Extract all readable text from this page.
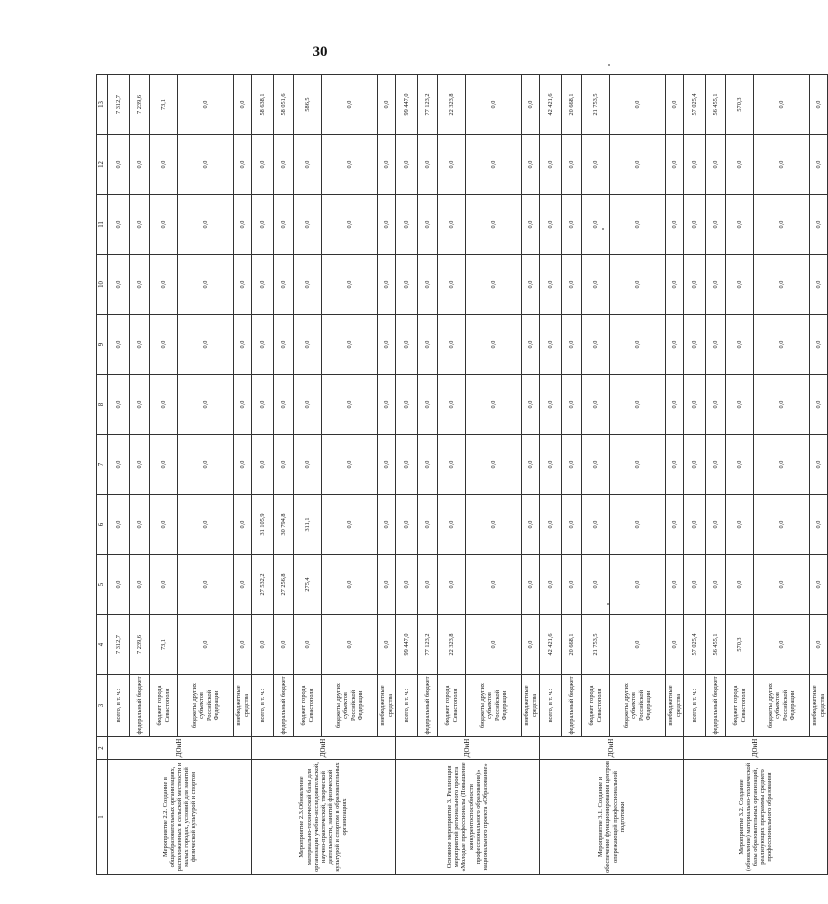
30
1	2	3	4	5	6	7	8	9	10	11	12	13
Мероприятие 2.2. Создание в общеобразовательных организациях, расположенных в сельской местности и малых городах, условий для занятий физической культурой и спортом	ДОиН	всего, в т. ч.:	7 312,7	0,0	0,0	0,0	0,0	0,0	0,0	0,0	0,0	7 312,7
		федеральный бюджет	7 239,6	0,0	0,0	0,0	0,0	0,0	0,0	0,0	0,0	7 239,6
		бюджет города Севастополя	73,1	0,0	0,0	0,0	0,0	0,0	0,0	0,0	0,0	73,1
		бюджеты других субъектов Российской Федерации	0,0	0,0	0,0	0,0	0,0	0,0	0,0	0,0	0,0	0,0
		внебюджетные средства	0,0	0,0	0,0	0,0	0,0	0,0	0,0	0,0	0,0	0,0
Мероприятие 2.3.Обновление материально-технической базы для организации учебно-исследовательской, научно-практической, творческой деятельности, занятий физической культурой и спортом в образовательных организациях	ДОиН	всего, в т. ч.:	0,0	27 532,2	31 105,9	0,0	0,0	0,0	0,0	0,0	0,0	58 638,1
		федеральный бюджет	0,0	27 256,8	30 794,8	0,0	0,0	0,0	0,0	0,0	0,0	58 051,6
		бюджет города Севастополя	0,0	275,4	311,1	0,0	0,0	0,0	0,0	0,0	0,0	586,5
		бюджеты других субъектов Российской Федерации	0,0	0,0	0,0	0,0	0,0	0,0	0,0	0,0	0,0	0,0
		внебюджетные средства	0,0	0,0	0,0	0,0	0,0	0,0	0,0	0,0	0,0	0,0
Основное мероприятие 3. Реализация мероприятий регионального проекта «Молодые профессионалы (Повышение конкурентоспособности профессионального образования)» национального проекта «Образование»	ДОиН	всего, в т. ч.:	99 447,0	0,0	0,0	0,0	0,0	0,0	0,0	0,0	0,0	99 447,0
		федеральный бюджет	77 123,2	0,0	0,0	0,0	0,0	0,0	0,0	0,0	0,0	77 123,2
		бюджет города Севастополя	22 323,8	0,0	0,0	0,0	0,0	0,0	0,0	0,0	0,0	22 323,8
		бюджеты других субъектов Российской Федерации	0,0	0,0	0,0	0,0	0,0	0,0	0,0	0,0	0,0	0,0
		внебюджетные средства	0,0	0,0	0,0	0,0	0,0	0,0	0,0	0,0	0,0	0,0
Мероприятие 3.1. Создание и обеспечение функционирования центров опережающей профессиональной подготовки	ДОиН	всего, в т. ч.:	42 421,6	0,0	0,0	0,0	0,0	0,0	0,0	0,0	0,0	42 421,6
		федеральный бюджет	20 668,1	0,0	0,0	0,0	0,0	0,0	0,0	0,0	0,0	20 668,1
		бюджет города Севастополя	21 753,5	0,0	0,0	0,0	0,0	0,0	0,0	0,0	0,0	21 753,5
		бюджеты других субъектов Российской Федерации	0,0	0,0	0,0	0,0	0,0	0,0	0,0	0,0	0,0	0,0
		внебюджетные средства	0,0	0,0	0,0	0,0	0,0	0,0	0,0	0,0	0,0	0,0
Мероприятие 3.2. Создание (обновление) материально-технической базы образовательных организаций, реализующих программы среднего профессионального образования	ДОиН	всего, в т. ч.:	57 025,4	0,0	0,0	0,0	0,0	0,0	0,0	0,0	0,0	57 025,4
		федеральный бюджет	56 455,1	0,0	0,0	0,0	0,0	0,0	0,0	0,0	0,0	56 455,1
		бюджет города Севастополя	570,3	0,0	0,0	0,0	0,0	0,0	0,0	0,0	0,0	570,3
		бюджеты других субъектов Российской Федерации	0,0	0,0	0,0	0,0	0,0	0,0	0,0	0,0	0,0	0,0
		внебюджетные средства	0,0	0,0	0,0	0,0	0,0	0,0	0,0	0,0	0,0	0,0
